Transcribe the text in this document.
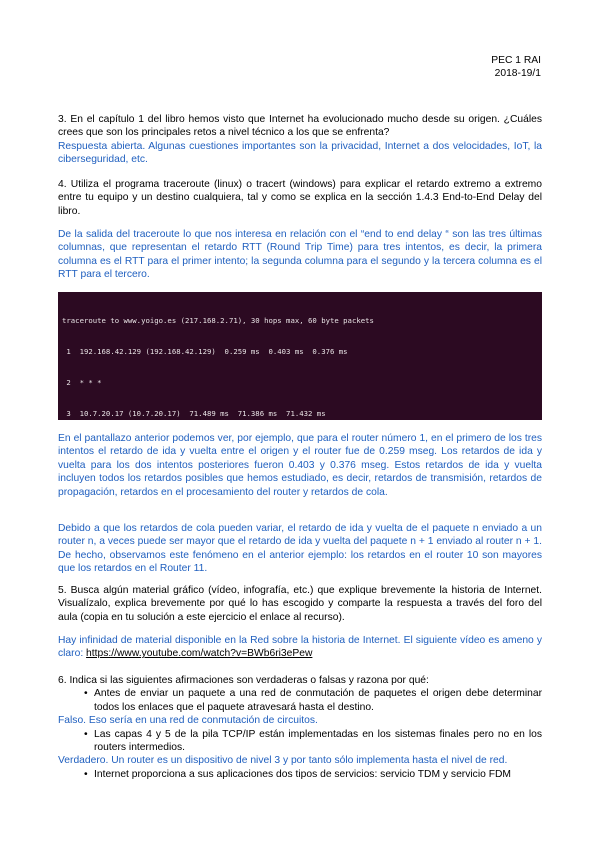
PEC 1 RAI
2018-19/1

3. En el capítulo 1 del libro hemos visto que Internet ha evolucionado mucho desde su origen. ¿Cuáles crees que son los principales retos a nivel técnico a los que se enfrenta?

Respuesta abierta. Algunas cuestiones importantes son la privacidad, Internet a dos velocidades, IoT, la ciberseguridad, etc.

4. Utiliza el programa traceroute (linux) o tracert (windows) para explicar el retardo extremo a extremo entre tu equipo y un destino cualquiera, tal y como se explica en la sección 1.4.3 End-to-End Delay del libro.

De la salida del traceroute lo que nos interesa en relación con el “end to end delay “ son las tres últimas columnas, que representan el retardo RTT (Round Trip Time) para tres intentos, es decir, la primera columna es el RTT para el primer intento; la segunda columna para el segundo y la tercera columna es el RTT para el tercero.

traceroute to www.yoigo.es (217.168.2.71), 30 hops max, 60 byte packets

1  192.168.42.129 (192.168.42.129)  0.259 ms  0.403 ms  0.376 ms

2  * * *

3  10.7.20.17 (10.7.20.17)  71.489 ms  71.386 ms  71.432 ms

En el pantallazo anterior podemos ver, por ejemplo, que para el router número 1, en el primero de los tres intentos el retardo de ida y vuelta entre el origen y el router fue de 0.259 mseg. Los retardos de ida y vuelta para los dos intentos posteriores fueron 0.403 y 0.376 mseg. Estos retardos de ida y vuelta incluyen todos los retardos posibles que hemos estudiado, es decir, retardos de transmisión, retardos de propagación, retardos en el procesamiento del router y retardos de cola.

Debido a que los retardos de cola pueden variar, el retardo de ida y vuelta de el paquete n enviado a un router n, a veces puede ser mayor que el retardo de ida y vuelta del paquete n + 1 enviado al router n + 1. De hecho, observamos este fenómeno en el anterior ejemplo: los retardos en el router 10 son mayores que los retardos en el Router 11.

5. Busca algún material gráfico (vídeo, infografía, etc.) que explique brevemente la historia de Internet. Visualízalo, explica brevemente por qué lo has escogido y comparte la respuesta a través del foro del aula (copia en tu solución a este ejercicio el enlace al recurso).

Hay infinidad de material disponible en la Red sobre la historia de Internet. El siguiente vídeo es ameno y claro: https://www.youtube.com/watch?v=BWb6ri3ePew

6. Indica si las siguientes afirmaciones son verdaderas o falsas y razona por qué:

• Antes de enviar un paquete a una red de conmutación de paquetes el origen debe determinar todos los enlaces que el paquete atravesará hasta el destino.

Falso. Eso sería en una red de conmutación de circuitos.

• Las capas 4 y 5 de la pila TCP/IP están implementadas en los sistemas finales pero no en los routers intermedios.

Verdadero. Un router es un dispositivo de nivel 3 y por tanto sólo implementa hasta el nivel de red.

• Internet proporciona a sus aplicaciones dos tipos de servicios: servicio TDM y servicio FDM
